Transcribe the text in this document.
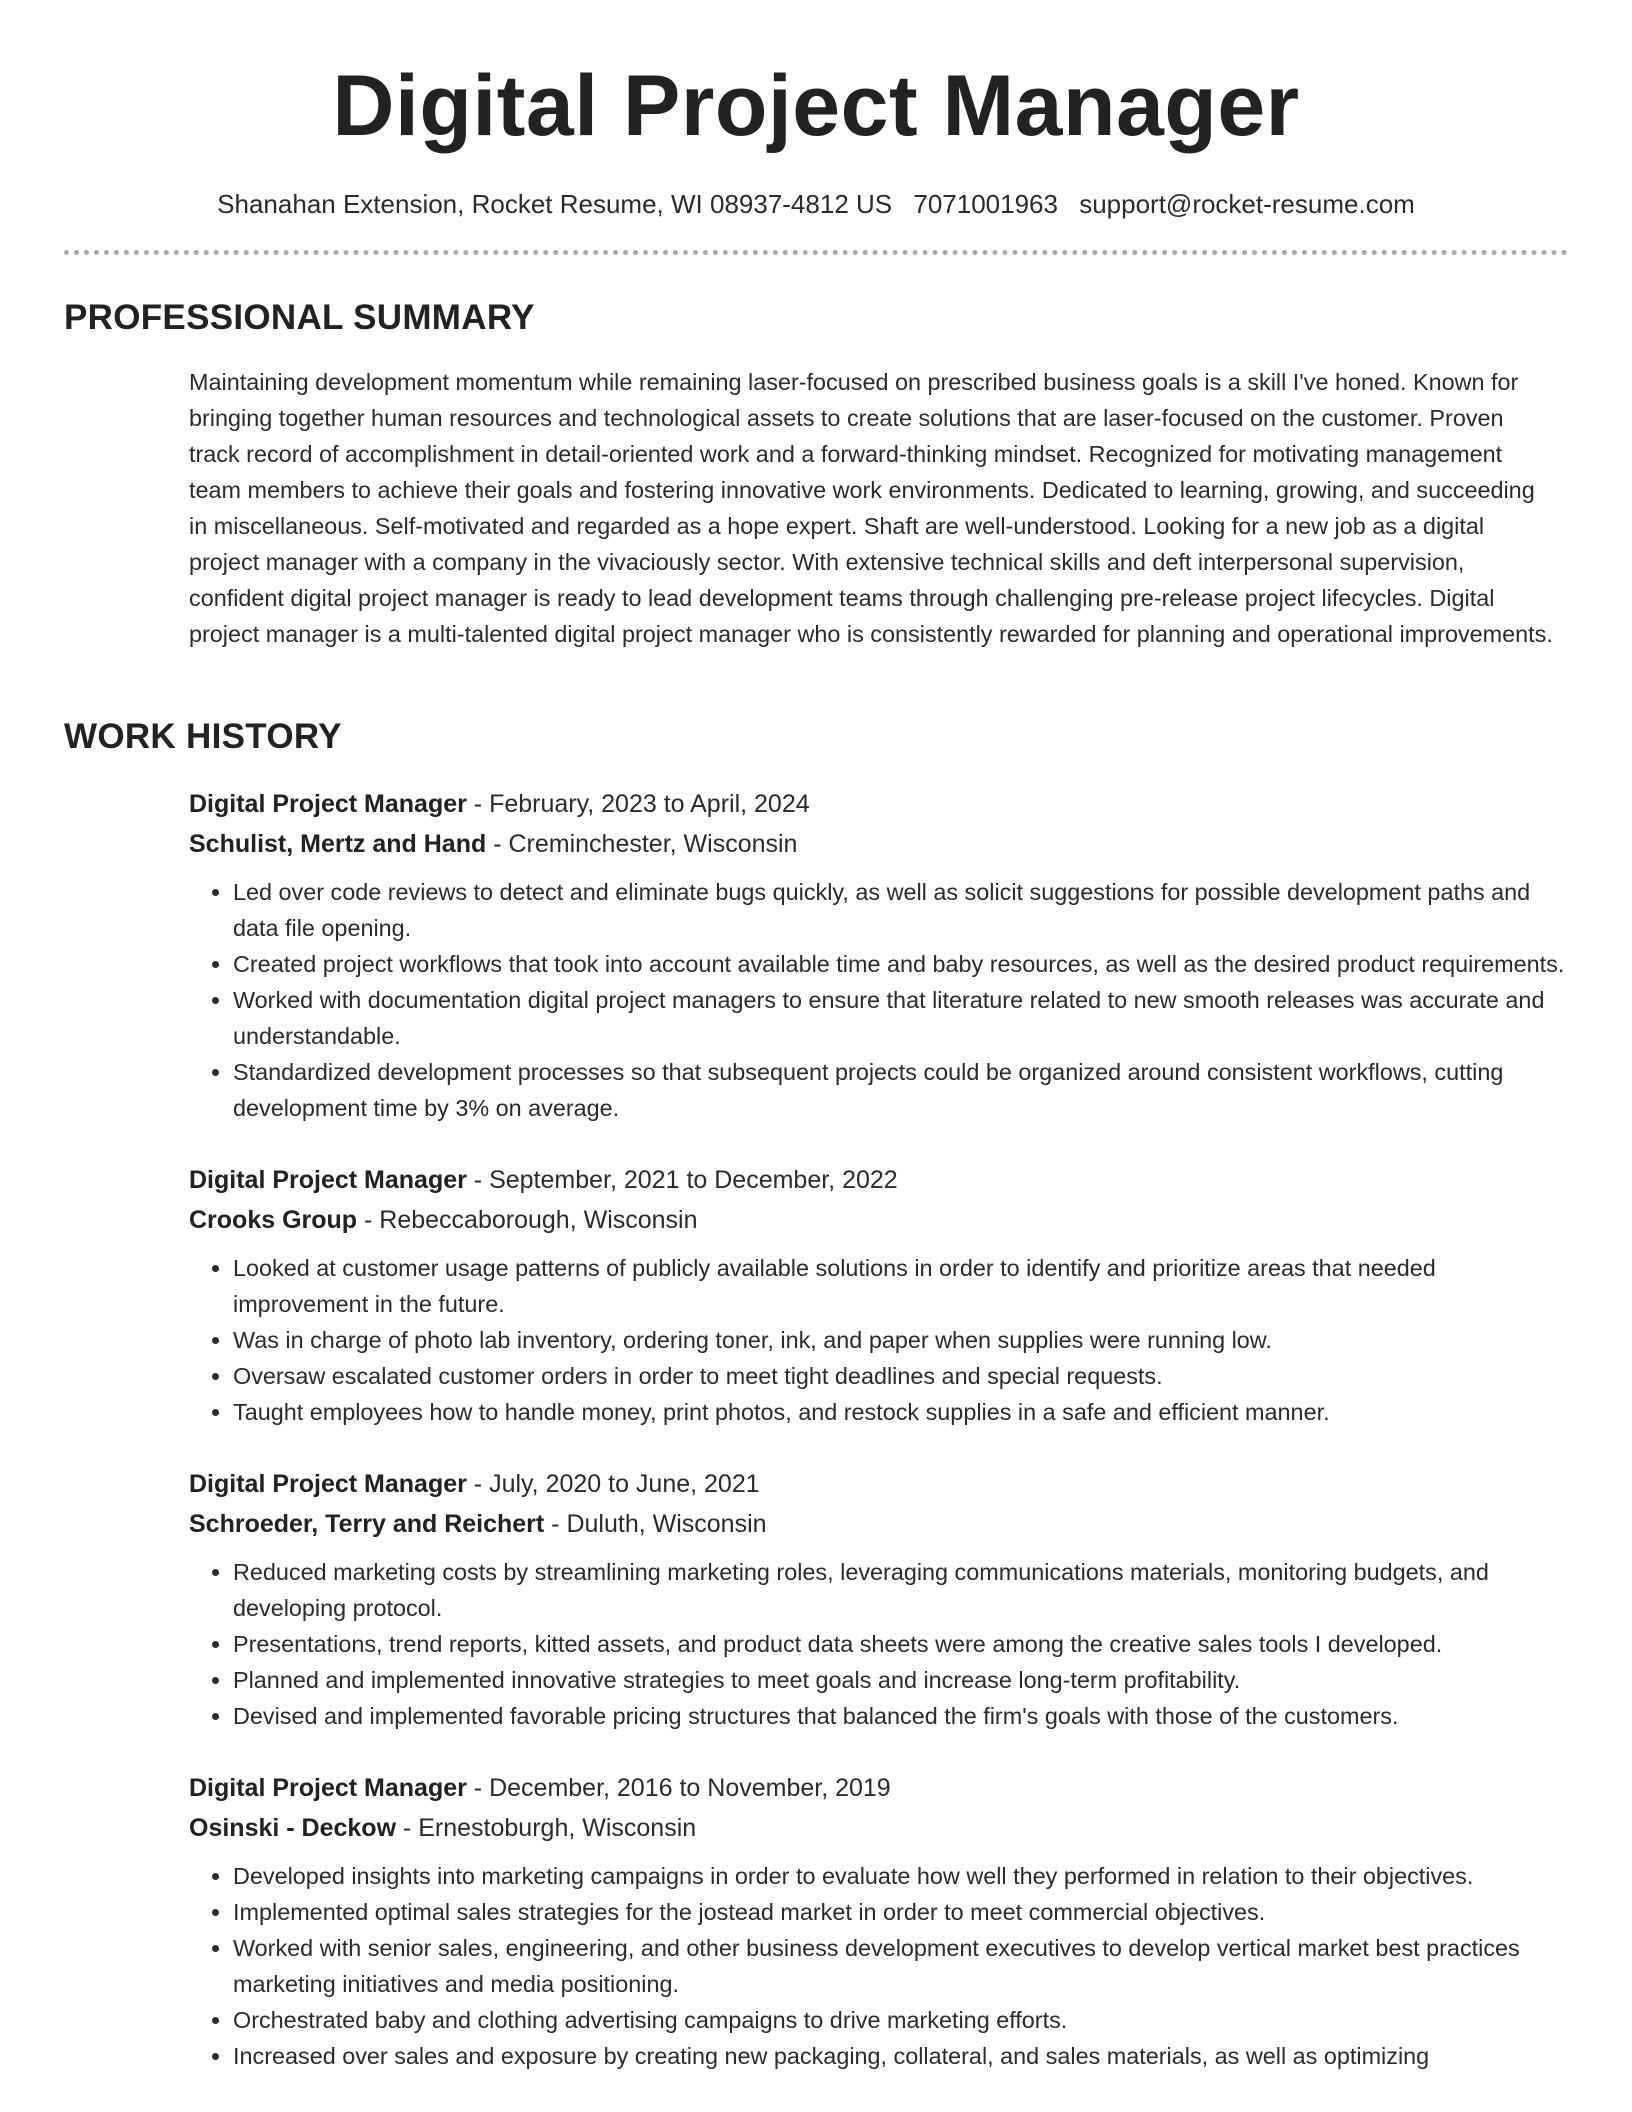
Digital Project Manager
Shanahan Extension, Rocket Resume, WI 08937-4812 US 7071001963 support@rocket-resume.com
PROFESSIONAL SUMMARY

Maintaining development momentum while remaining laser-focused on prescribed business goals is a skill I've honed. Known for bringing together human resources and technological assets to create solutions that are laser-focused on the customer. Proven track record of accomplishment in detail-oriented work and a forward-thinking mindset. Recognized for motivating management team members to achieve their goals and fostering innovative work environments. Dedicated to learning, growing, and succeeding in miscellaneous. Self-motivated and regarded as a hope expert. Shaft are well-understood. Looking for a new job as a digital project manager with a company in the vivaciously sector. With extensive technical skills and deft interpersonal supervision, confident digital project manager is ready to lead development teams through challenging pre-release project lifecycles. Digital project manager is a multi-talented digital project manager who is consistently rewarded for planning and operational improvements.

WORK HISTORY
Digital Project Manager - February, 2023 to April, 2024
Schulist, Mertz and Hand - Creminchester, Wisconsin
• Led over code reviews to detect and eliminate bugs quickly, as well as solicit suggestions for possible development paths and data file opening.
• Created project workflows that took into account available time and baby resources, as well as the desired product requirements.
• Worked with documentation digital project managers to ensure that literature related to new smooth releases was accurate and understandable.
• Standardized development processes so that subsequent projects could be organized around consistent workflows, cutting development time by 3% on average.
Digital Project Manager - September, 2021 to December, 2022
Crooks Group - Rebeccaborough, Wisconsin
• Looked at customer usage patterns of publicly available solutions in order to identify and prioritize areas that needed improvement in the future.
• Was in charge of photo lab inventory, ordering toner, ink, and paper when supplies were running low.
• Oversaw escalated customer orders in order to meet tight deadlines and special requests.
• Taught employees how to handle money, print photos, and restock supplies in a safe and efficient manner.
Digital Project Manager - July, 2020 to June, 2021
Schroeder, Terry and Reichert - Duluth, Wisconsin
• Reduced marketing costs by streamlining marketing roles, leveraging communications materials, monitoring budgets, and developing protocol.
• Presentations, trend reports, kitted assets, and product data sheets were among the creative sales tools I developed.
• Planned and implemented innovative strategies to meet goals and increase long-term profitability.
• Devised and implemented favorable pricing structures that balanced the firm's goals with those of the customers.
Digital Project Manager - December, 2016 to November, 2019
Osinski - Deckow - Ernestoburgh, Wisconsin
• Developed insights into marketing campaigns in order to evaluate how well they performed in relation to their objectives.
• Implemented optimal sales strategies for the jostead market in order to meet commercial objectives.
• Worked with senior sales, engineering, and other business development executives to develop vertical market best practices marketing initiatives and media positioning.
• Orchestrated baby and clothing advertising campaigns to drive marketing efforts.
• Increased over sales and exposure by creating new packaging, collateral, and sales materials, as well as optimizing
